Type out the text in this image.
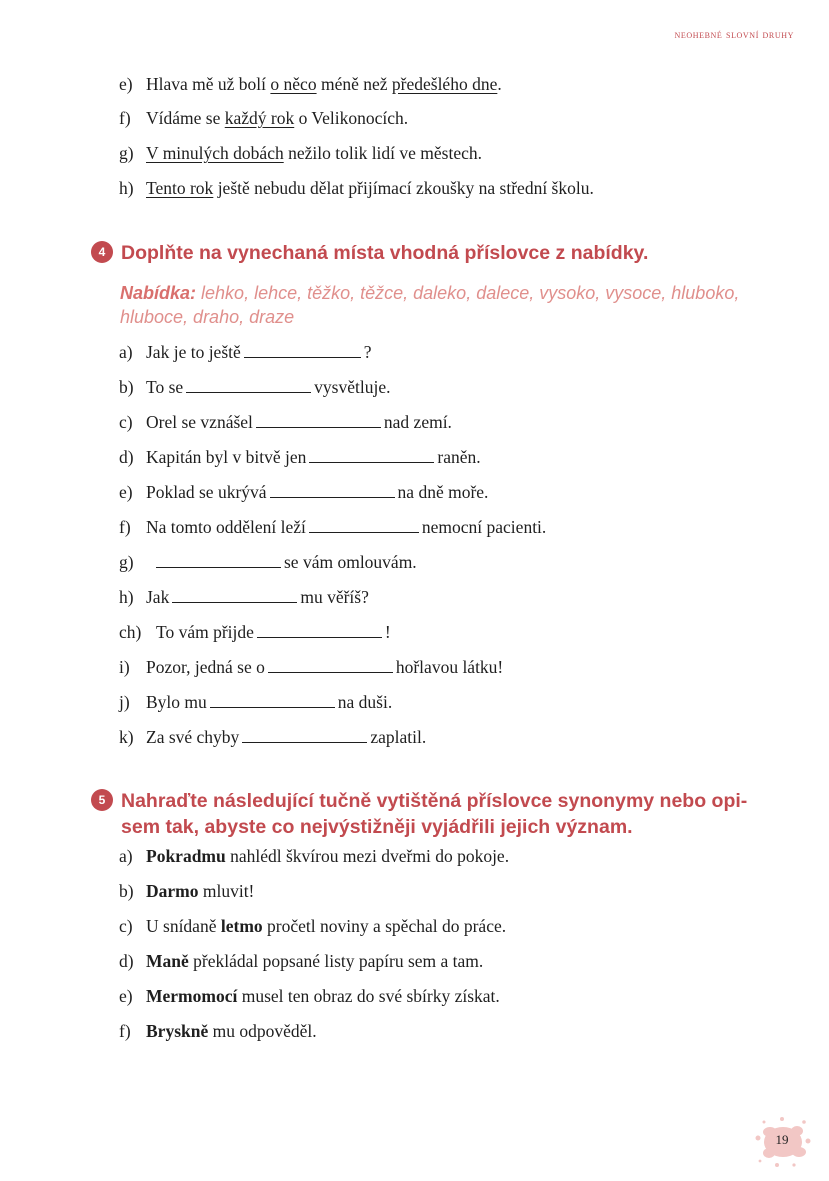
neohebné slovní druhy
e) Hlava mě už bolí o něco méně než předešlého dne.
f) Vídáme se každý rok o Velikonocích.
g) V minulých dobách nežilo tolik lidí ve městech.
h) Tento rok ještě nebudu dělat přijímací zkoušky na střední školu.
4 Doplňte na vynechaná místa vhodná příslovce z nabídky.
Nabídka: lehko, lehce, těžko, těžce, daleko, dalece, vysoko, vysoce, hluboko, hluboce, draho, draze
a) Jak je to ještě	?
b) To se	vysvětluje.
c) Orel se vznášel	nad zemí.
d) Kapitán byl v bitvě jen	raněn.
e) Poklad se ukrývá	na dně moře.
f) Na tomto oddělení leží	nemocní pacienti.
g)	se vám omlouvám.
h) Jak	mu věříš?
ch) To vám přijde	!
i) Pozor, jedná se o	hořlavou látku!
j) Bylo mu	na duši.
k) Za své chyby	zaplatil.
5 Nahraďte následující tučně vytištěná příslovce synonymy nebo opi-
sem tak, abyste co nejvýstižněji vyjádřili jejich význam.
a) Pokradmu nahlédl škvírou mezi dveřmi do pokoje.
b) Darmo mluvit!
c) U snídaně letmo pročetl noviny a spěchal do práce.
d) Maně překládal popsané listy papíru sem a tam.
e) Mermomocí musel ten obraz do své sbírky získat.
f) Bryskně mu odpověděl.
19
